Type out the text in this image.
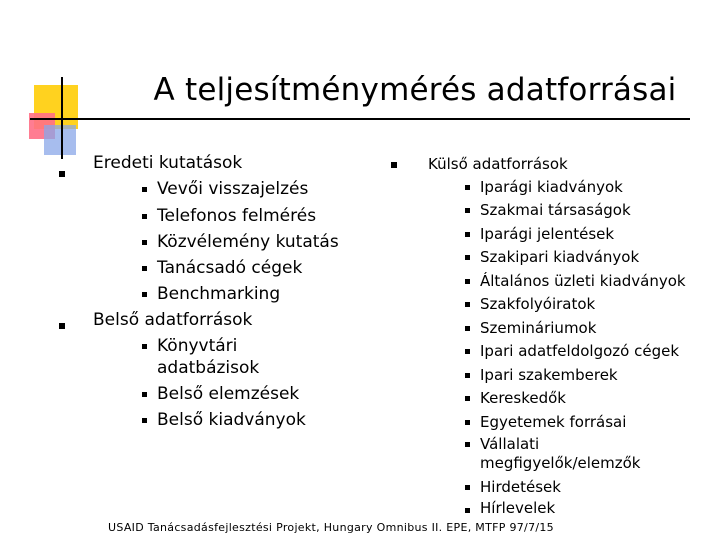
A teljesítménymérés adatforrásai
Eredeti kutatások
Vevői visszajelzés
Telefonos felmérés
Közvélemény kutatás
Tanácsadó cégek
Benchmarking
Belső adatforrások
Könyvtári
adatbázisok
Belső elemzések
Belső kiadványok
Külső adatforrások
Iparági kiadványok
Szakmai társaságok
Iparági jelentések
Szakipari kiadványok
Általános üzleti kiadványok
Szakfolyóiratok
Szemináriumok
Ipari adatfeldolgozó cégek
Ipari szakemberek
Kereskedők
Egyetemek forrásai
Vállalati
megfigyelők/elemzők
Hirdetések
Hírlevelek
USAID Tanácsadásfejlesztési Projekt, Hungary Omnibus II. EPE, MTFP 97/7/15
